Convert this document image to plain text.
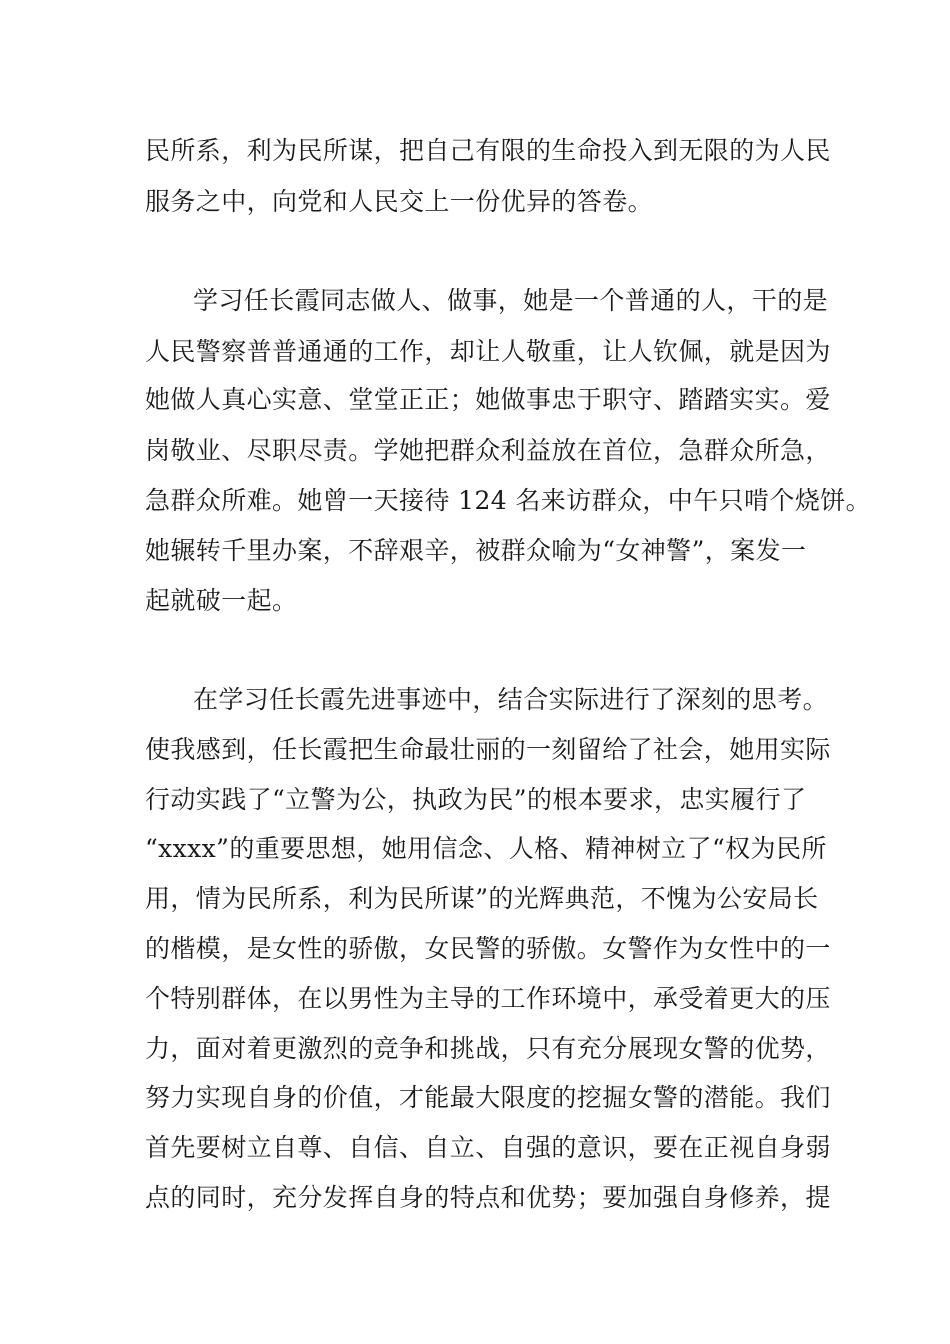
民所系，利为民所谋，把自己有限的生命投入到无限的为人民
服务之中，向党和人民交上一份优异的答卷。
学习任长霞同志做人、做事，她是一个普通的人，干的是
人民警察普普通通的工作，却让人敬重，让人钦佩，就是因为
她做人真心实意、堂堂正正；她做事忠于职守、踏踏实实。爱
岗敬业、尽职尽责。学她把群众利益放在首位，急群众所急，
急群众所难。她曾一天接待 124 名来访群众，中午只啃个烧饼。
她辗转千里办案，不辞艰辛，被群众喻为“女神警”，案发一
起就破一起。
在学习任长霞先进事迹中，结合实际进行了深刻的思考。
使我感到，任长霞把生命最壮丽的一刻留给了社会，她用实际
行动实践了“立警为公，执政为民”的根本要求，忠实履行了
“xxxx”的重要思想，她用信念、人格、精神树立了“权为民所
用，情为民所系，利为民所谋”的光辉典范，不愧为公安局长
的楷模，是女性的骄傲，女民警的骄傲。女警作为女性中的一
个特别群体，在以男性为主导的工作环境中，承受着更大的压
力，面对着更激烈的竞争和挑战，只有充分展现女警的优势，
努力实现自身的价值，才能最大限度的挖掘女警的潜能。我们
首先要树立自尊、自信、自立、自强的意识，要在正视自身弱
点的同时，充分发挥自身的特点和优势；要加强自身修养，提
